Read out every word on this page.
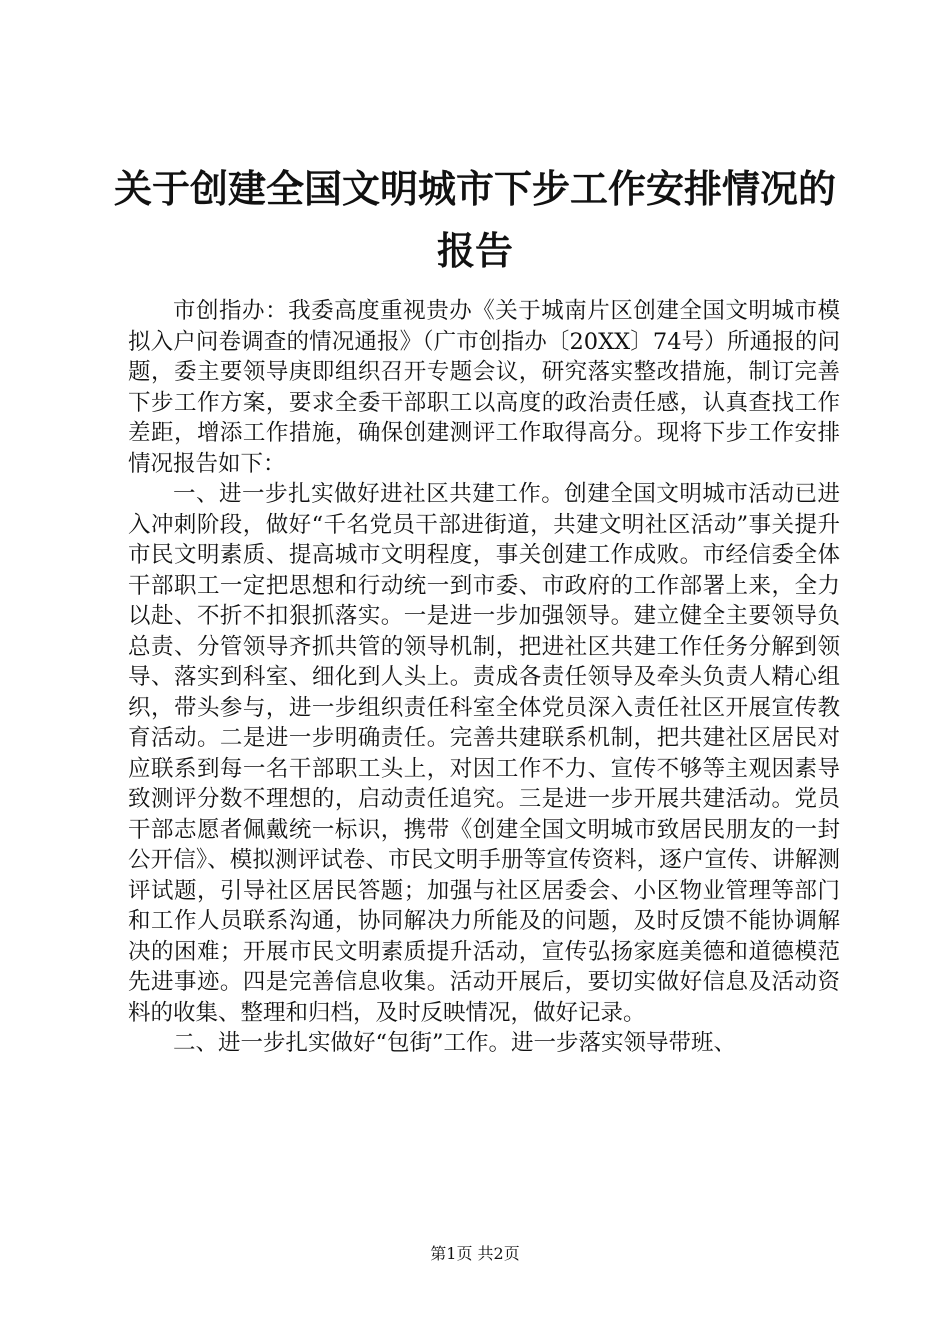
关于创建全国文明城市下步工作安排情况的报告

市创指办：我委高度重视贵办《关于城南片区创建全国文明城市模拟入户问卷调查的情况通报》（广市创指办〔20XX〕74号）所通报的问题，委主要领导庚即组织召开专题会议，研究落实整改措施，制订完善下步工作方案，要求全委干部职工以高度的政治责任感，认真查找工作差距，增添工作措施，确保创建测评工作取得高分。现将下步工作安排情况报告如下：

一、进一步扎实做好进社区共建工作。创建全国文明城市活动已进入冲刺阶段，做好“千名党员干部进街道，共建文明社区活动”事关提升市民文明素质、提高城市文明程度，事关创建工作成败。市经信委全体干部职工一定把思想和行动统一到市委、市政府的工作部署上来，全力以赴、不折不扣狠抓落实。一是进一步加强领导。建立健全主要领导负总责、分管领导齐抓共管的领导机制，把进社区共建工作任务分解到领导、落实到科室、细化到人头上。责成各责任领导及牵头负责人精心组织，带头参与，进一步组织责任科室全体党员深入责任社区开展宣传教育活动。二是进一步明确责任。完善共建联系机制，把共建社区居民对应联系到每一名干部职工头上，对因工作不力、宣传不够等主观因素导致测评分数不理想的，启动责任追究。三是进一步开展共建活动。党员干部志愿者佩戴统一标识，携带《创建全国文明城市致居民朋友的一封公开信》、模拟测评试卷、市民文明手册等宣传资料，逐户宣传、讲解测评试题，引导社区居民答题；加强与社区居委会、小区物业管理等部门和工作人员联系沟通，协同解决力所能及的问题，及时反馈不能协调解决的困难；开展市民文明素质提升活动，宣传弘扬家庭美德和道德模范先进事迹。四是完善信息收集。活动开展后，要切实做好信息及活动资料的收集、整理和归档，及时反映情况，做好记录。

二、进一步扎实做好“包街”工作。进一步落实领导带班、

第1页 共2页
